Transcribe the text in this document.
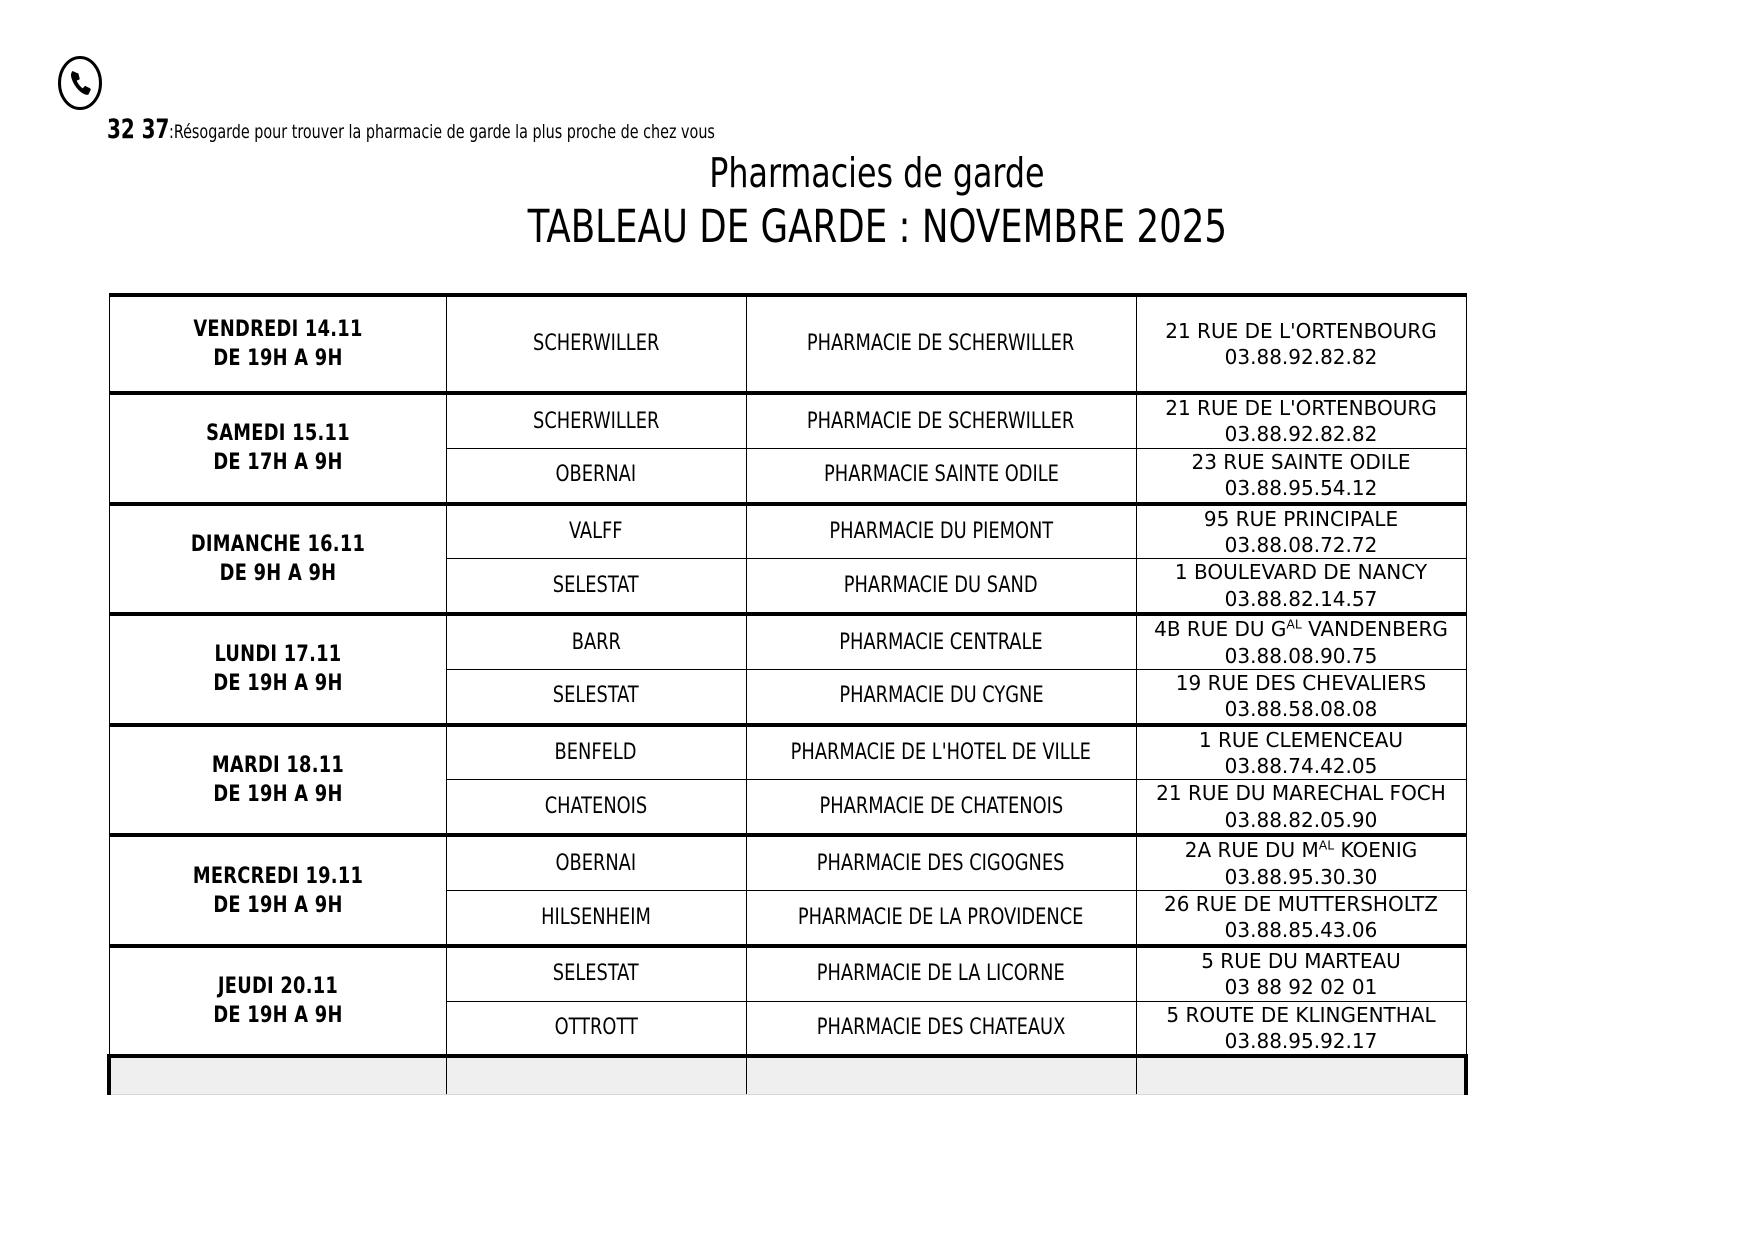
32 37:Résogarde pour trouver la pharmacie de garde la plus proche de chez vous
Pharmacies de garde
TABLEAU DE GARDE : NOVEMBRE 2025
VENDREDI 14.11
DE 19H A 9H	SCHERWILLER	PHARMACIE DE SCHERWILLER	21 RUE DE L'ORTENBOURG
03.88.92.82.82

SAMEDI 15.11
DE 17H A 9H	SCHERWILLER	PHARMACIE DE SCHERWILLER	21 RUE DE L'ORTENBOURG
03.88.92.82.82

	OBERNAI	PHARMACIE SAINTE ODILE	23 RUE SAINTE ODILE
03.88.95.54.12

DIMANCHE 16.11
DE 9H A 9H	VALFF	PHARMACIE DU PIEMONT	95 RUE PRINCIPALE
03.88.08.72.72

	SELESTAT	PHARMACIE DU SAND	1 BOULEVARD DE NANCY
03.88.82.14.57

LUNDI 17.11
DE 19H A 9H	BARR	PHARMACIE CENTRALE	4B RUE DU $G^{AL}$ VANDENBERG
03.88.08.90.75

	SELESTAT	PHARMACIE DU CYGNE	19 RUE DES CHEVALIERS
03.88.58.08.08

MARDI 18.11
DE 19H A 9H	BENFELD	PHARMACIE DE L'HOTEL DE VILLE	1 RUE CLEMENCEAU
03.88.74.42.05

	CHATENOIS	PHARMACIE DE CHATENOIS	21 RUE DU MARECHAL FOCH
03.88.82.05.90

MERCREDI 19.11
DE 19H A 9H	OBERNAI	PHARMACIE DES CIGOGNES	2A RUE DU $M^{AL}$ KOENIG
03.88.95.30.30

	HILSENHEIM	PHARMACIE DE LA PROVIDENCE	26 RUE DE MUTTERSHOLTZ
03.88.85.43.06

JEUDI 20.11
DE 19H A 9H	SELESTAT	PHARMACIE DE LA LICORNE	5 RUE DU MARTEAU
03 88 92 02 01

	OTTROTT	PHARMACIE DES CHATEAUX	5 ROUTE DE KLINGENTHAL
03.88.95.92.17
